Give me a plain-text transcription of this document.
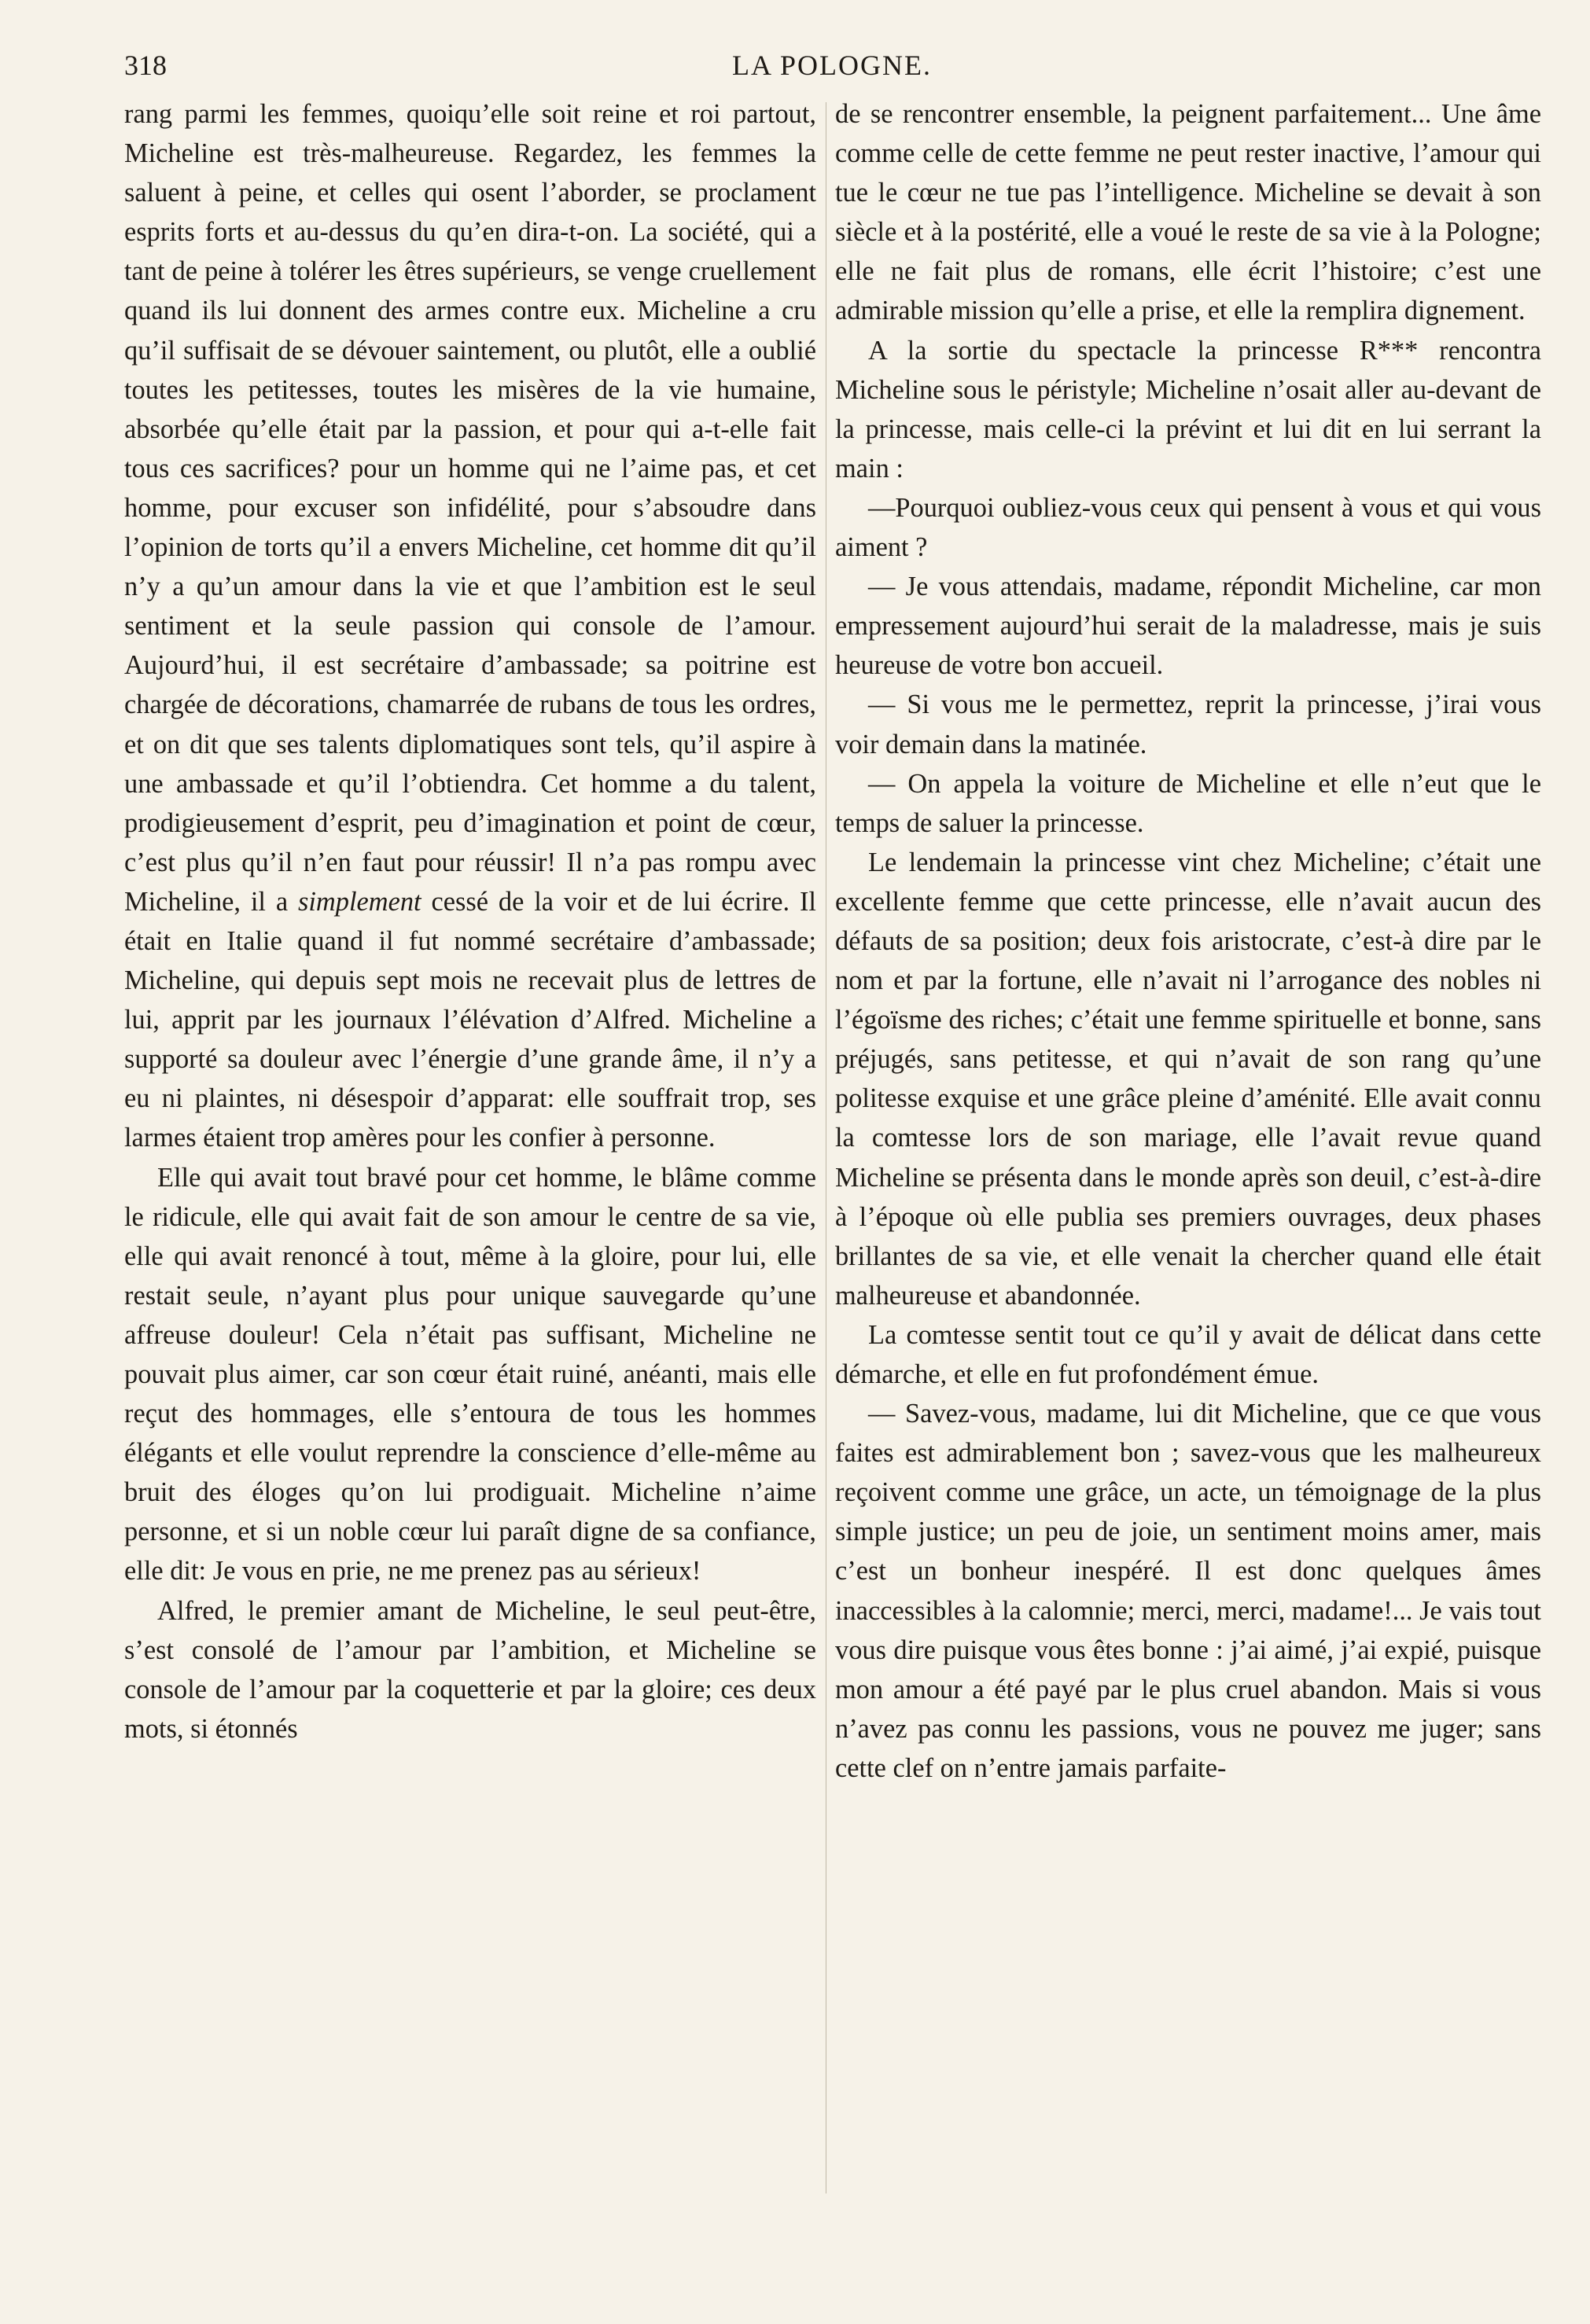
318	LA POLOGNE.

rang parmi les femmes, quoiqu’elle soit reine et roi partout, Micheline est très-malheureuse. Regardez, les femmes la saluent à peine, et celles qui osent l’aborder, se proclament esprits forts et au-dessus du qu’en dira-t-on. La société, qui a tant de peine à tolérer les êtres supérieurs, se venge cruellement quand ils lui donnent des armes contre eux. Micheline a cru qu’il suffisait de se dévouer saintement, ou plutôt, elle a oublié toutes les petitesses, toutes les misères de la vie humaine, absorbée qu’elle était par la passion, et pour qui a-t-elle fait tous ces sacrifices? pour un homme qui ne l’aime pas, et cet homme, pour excuser son infidélité, pour s’absoudre dans l’opinion de torts qu’il a envers Micheline, cet homme dit qu’il n’y a qu’un amour dans la vie et que l’ambition est le seul sentiment et la seule passion qui console de l’amour. Aujourd’hui, il est secrétaire d’ambassade; sa poitrine est chargée de décorations, chamarrée de rubans de tous les ordres, et on dit que ses talents diplomatiques sont tels, qu’il aspire à une ambassade et qu’il l’obtiendra. Cet homme a du talent, prodigieusement d’esprit, peu d’imagination et point de cœur, c’est plus qu’il n’en faut pour réussir! Il n’a pas rompu avec Micheline, il a simplement cessé de la voir et de lui écrire. Il était en Italie quand il fut nommé secrétaire d’ambassade; Micheline, qui depuis sept mois ne recevait plus de lettres de lui, apprit par les journaux l’élévation d’Alfred. Micheline a supporté sa douleur avec l’énergie d’une grande âme, il n’y a eu ni plaintes, ni désespoir d’apparat: elle souffrait trop, ses larmes étaient trop amères pour les confier à personne.

Elle qui avait tout bravé pour cet homme, le blâme comme le ridicule, elle qui avait fait de son amour le centre de sa vie, elle qui avait renoncé à tout, même à la gloire, pour lui, elle restait seule, n’ayant plus pour unique sauvegarde qu’une affreuse douleur! Cela n’était pas suffisant, Micheline ne pouvait plus aimer, car son cœur était ruiné, anéanti, mais elle reçut des hommages, elle s’entoura de tous les hommes élégants et elle voulut reprendre la conscience d’elle-même au bruit des éloges qu’on lui prodiguait. Micheline n’aime personne, et si un noble cœur lui paraît digne de sa confiance, elle dit: Je vous en prie, ne me prenez pas au sérieux!

Alfred, le premier amant de Micheline, le seul peut-être, s’est consolé de l’amour par l’ambition, et Micheline se console de l’amour par la coquetterie et par la gloire; ces deux mots, si étonnés

de se rencontrer ensemble, la peignent parfaitement... Une âme comme celle de cette femme ne peut rester inactive, l’amour qui tue le cœur ne tue pas l’intelligence. Micheline se devait à son siècle et à la postérité, elle a voué le reste de sa vie à la Pologne; elle ne fait plus de romans, elle écrit l’histoire; c’est une admirable mission qu’elle a prise, et elle la remplira dignement.

A la sortie du spectacle la princesse R*** rencontra Micheline sous le péristyle; Micheline n’osait aller au-devant de la princesse, mais celle-ci la prévint et lui dit en lui serrant la main :

—Pourquoi oubliez-vous ceux qui pensent à vous et qui vous aiment ?

— Je vous attendais, madame, répondit Micheline, car mon empressement aujourd’hui serait de la maladresse, mais je suis heureuse de votre bon accueil.

— Si vous me le permettez, reprit la princesse, j’irai vous voir demain dans la matinée.

— On appela la voiture de Micheline et elle n’eut que le temps de saluer la princesse.

Le lendemain la princesse vint chez Micheline; c’était une excellente femme que cette princesse, elle n’avait aucun des défauts de sa position; deux fois aristocrate, c’est-à dire par le nom et par la fortune, elle n’avait ni l’arrogance des nobles ni l’égoïsme des riches; c’était une femme spirituelle et bonne, sans préjugés, sans petitesse, et qui n’avait de son rang qu’une politesse exquise et une grâce pleine d’aménité. Elle avait connu la comtesse lors de son mariage, elle l’avait revue quand Micheline se présenta dans le monde après son deuil, c’est-à-dire à l’époque où elle publia ses premiers ouvrages, deux phases brillantes de sa vie, et elle venait la chercher quand elle était malheureuse et abandonnée.

La comtesse sentit tout ce qu’il y avait de délicat dans cette démarche, et elle en fut profondément émue.

— Savez-vous, madame, lui dit Micheline, que ce que vous faites est admirablement bon ; savez-vous que les malheureux reçoivent comme une grâce, un acte, un témoignage de la plus simple justice; un peu de joie, un sentiment moins amer, mais c’est un bonheur inespéré. Il est donc quelques âmes inaccessibles à la calomnie; merci, merci, madame!... Je vais tout vous dire puisque vous êtes bonne : j’ai aimé, j’ai expié, puisque mon amour a été payé par le plus cruel abandon. Mais si vous n’avez pas connu les passions, vous ne pouvez me juger; sans cette clef on n’entre jamais parfaite-
